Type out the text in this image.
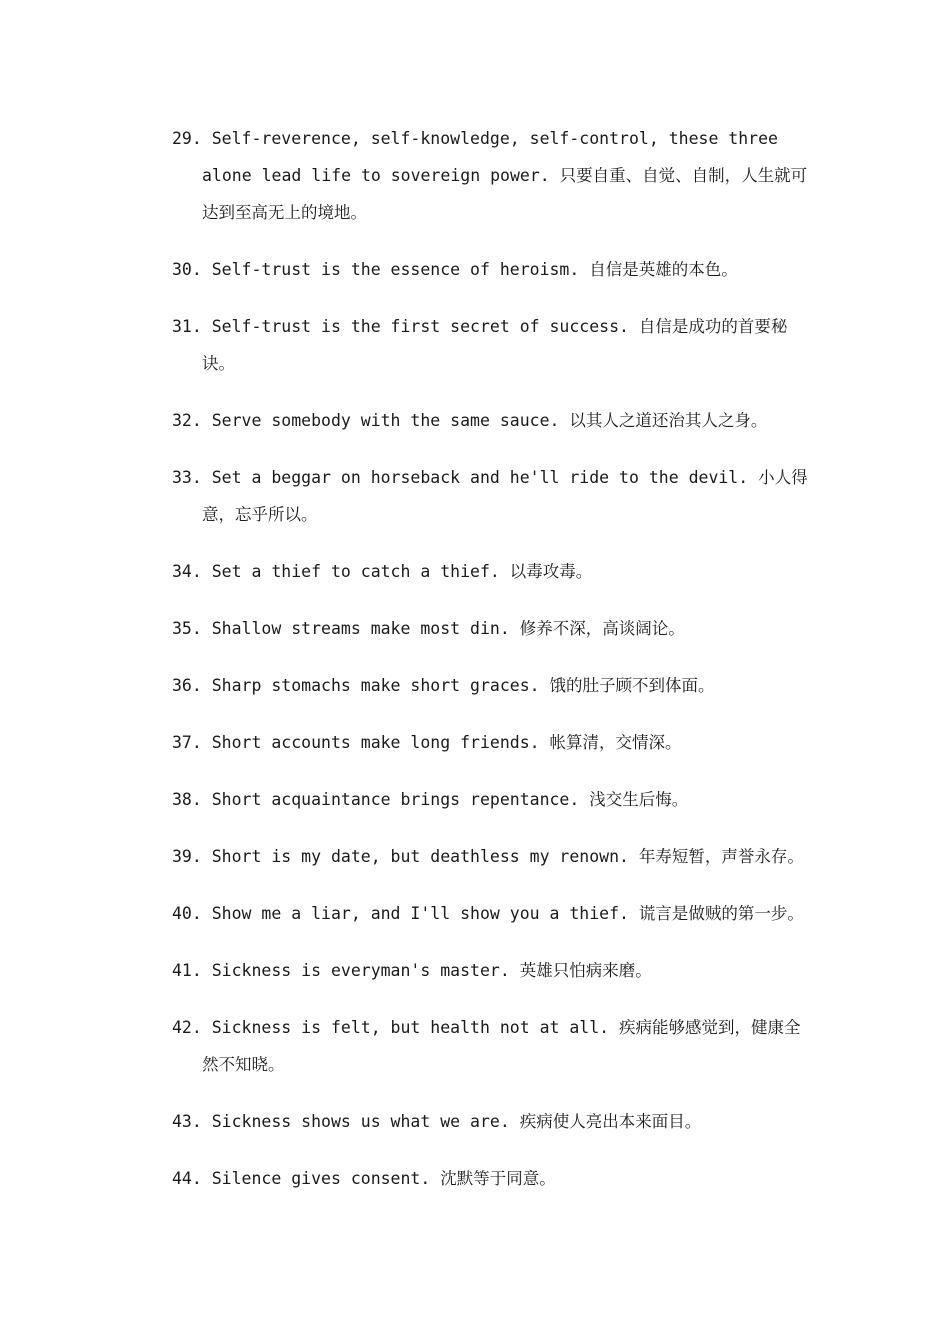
29. Self-reverence, self-knowledge, self-control, these three alone lead life to sovereign power. 只要自重、自觉、自制，人生就可达到至高无上的境地。

30. Self-trust is the essence of heroism. 自信是英雄的本色。

31. Self-trust is the first secret of success. 自信是成功的首要秘诀。

32. Serve somebody with the same sauce. 以其人之道还治其人之身。

33. Set a beggar on horseback and he'll ride to the devil. 小人得意，忘乎所以。

34. Set a thief to catch a thief. 以毒攻毒。

35. Shallow streams make most din. 修养不深，高谈阔论。

36. Sharp stomachs make short graces. 饿的肚子顾不到体面。

37. Short accounts make long friends. 帐算清，交情深。

38. Short acquaintance brings repentance. 浅交生后悔。

39. Short is my date, but deathless my renown. 年寿短暂，声誉永存。

40. Show me a liar, and I'll show you a thief. 谎言是做贼的第一步。

41. Sickness is everyman's master. 英雄只怕病来磨。

42. Sickness is felt, but health not at all. 疾病能够感觉到，健康全然不知晓。

43. Sickness shows us what we are. 疾病使人亮出本来面目。

44. Silence gives consent. 沈默等于同意。
